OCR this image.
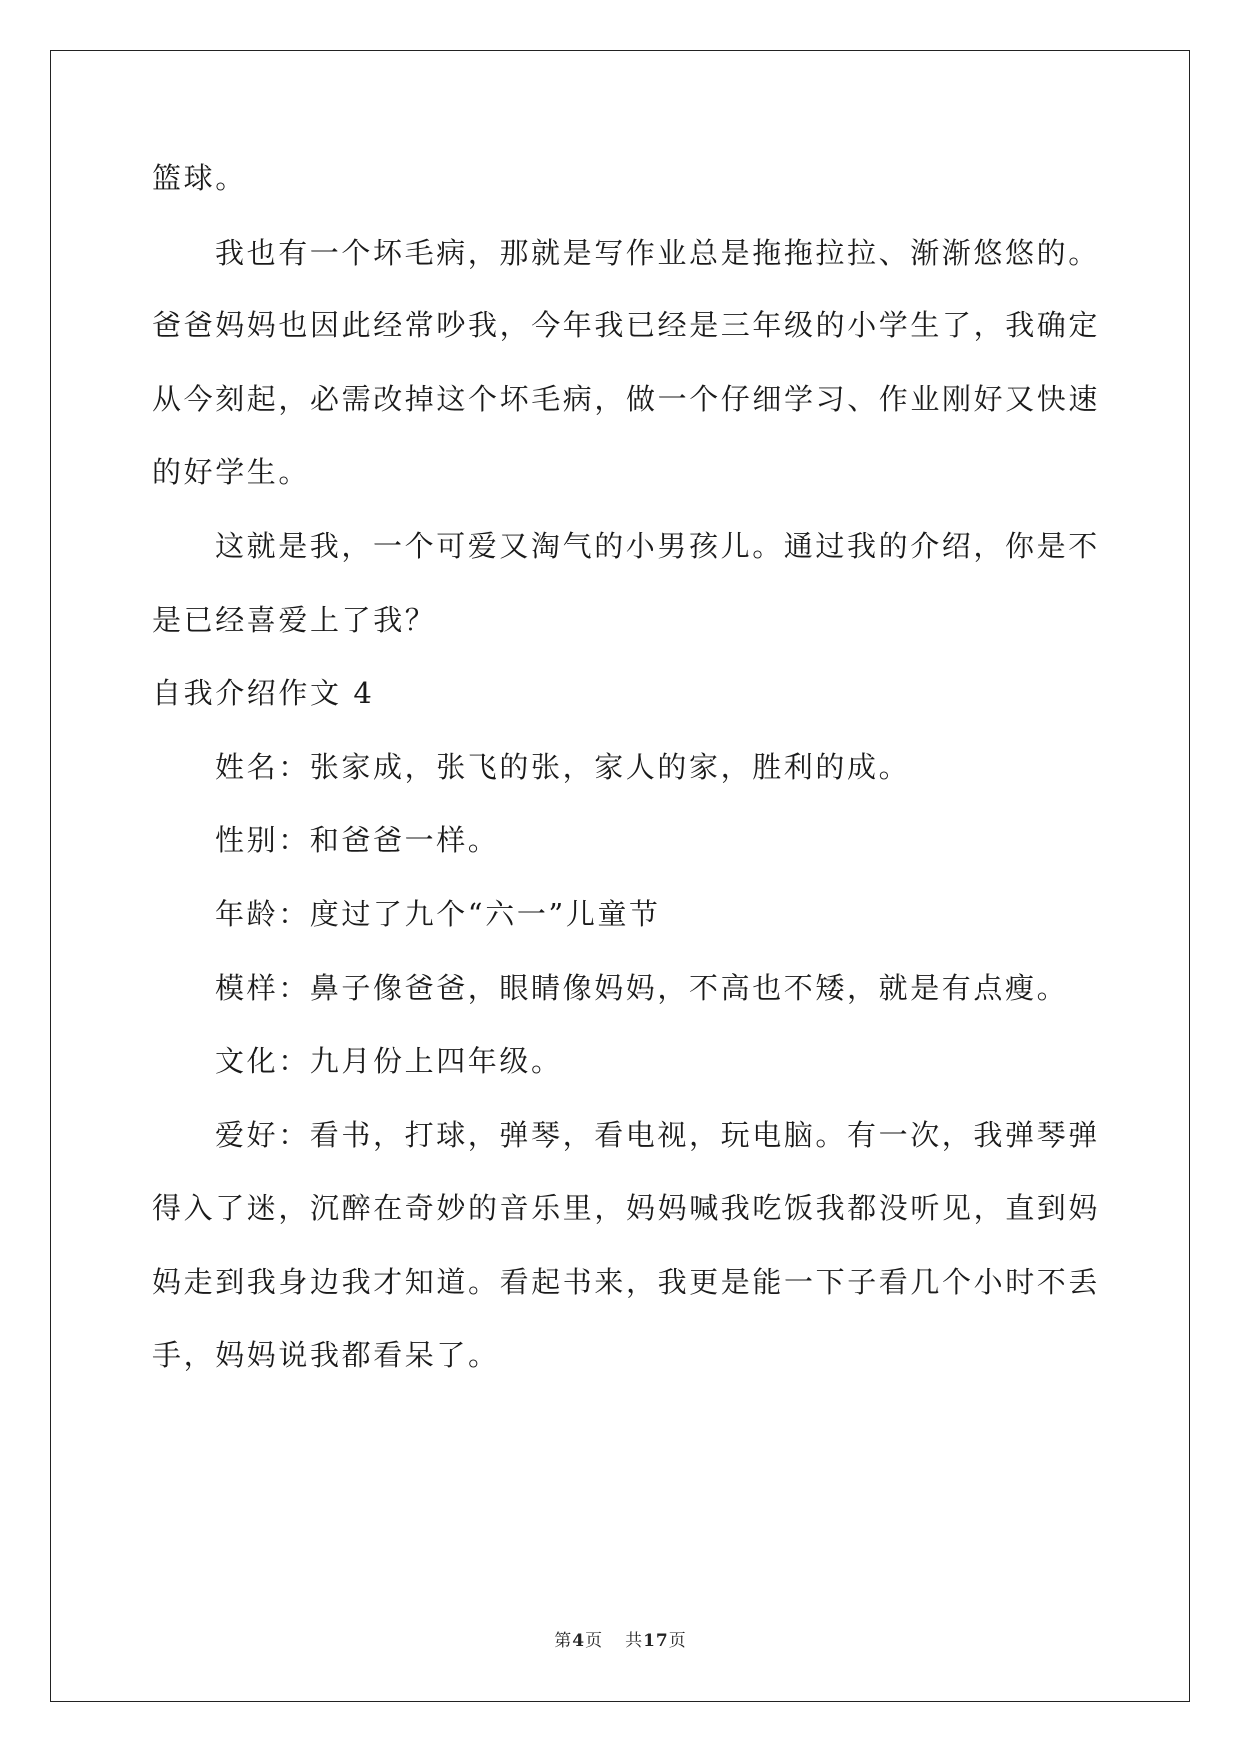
篮球。
我也有一个坏毛病，那就是写作业总是拖拖拉拉、渐渐悠悠的。
爸爸妈妈也因此经常吵我，今年我已经是三年级的小学生了，我确定
从今刻起，必需改掉这个坏毛病，做一个仔细学习、作业刚好又快速
的好学生。
这就是我，一个可爱又淘气的小男孩儿。通过我的介绍，你是不
是已经喜爱上了我？
自我介绍作文 4
姓名：张家成，张飞的张，家人的家，胜利的成。
性别：和爸爸一样。
年龄：度过了九个“六一”儿童节
模样：鼻子像爸爸，眼睛像妈妈，不高也不矮，就是有点瘦。
文化：九月份上四年级。
爱好：看书，打球，弹琴，看电视，玩电脑。有一次，我弹琴弹
得入了迷，沉醉在奇妙的音乐里，妈妈喊我吃饭我都没听见，直到妈
妈走到我身边我才知道。看起书来，我更是能一下子看几个小时不丢
手，妈妈说我都看呆了。
第4页 共17页
